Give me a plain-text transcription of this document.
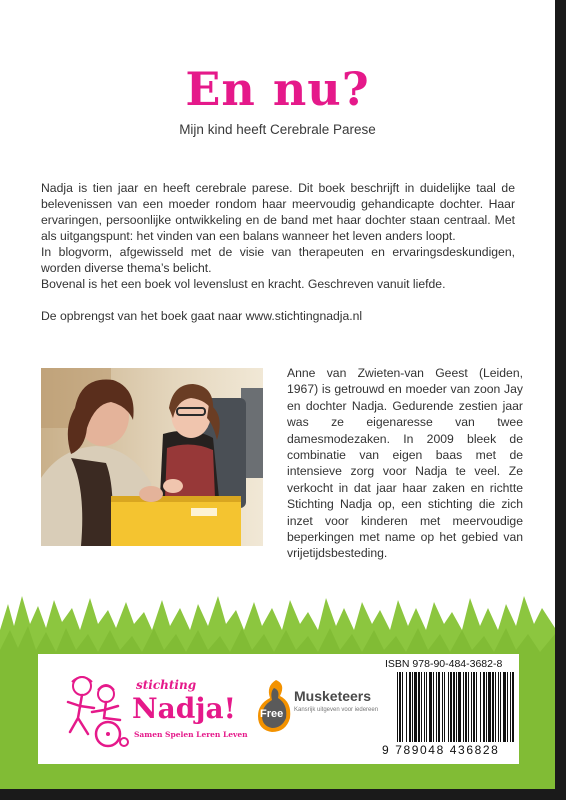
En nu?
Mijn kind heeft Cerebrale Parese

Nadja is tien jaar en heeft cerebrale parese. Dit boek beschrijft in duidelijke taal de belevenissen van een moeder rondom haar meervoudig gehandicapte dochter. Haar ervaringen, persoonlijke ontwikkeling en de band met haar dochter staan centraal. Met als uitgangspunt: het vinden van een balans wanneer het leven anders loopt.

In blogvorm, afgewisseld met de visie van therapeuten en ervaringsdeskundigen, worden diverse thema’s belicht.

Bovenal is het een boek vol levenslust en kracht. Geschreven vanuit liefde.

De opbrengst van het boek gaat naar www.stichtingnadja.nl

Anne van Zwieten-van Geest (Leiden, 1967) is getrouwd en moeder van zoon Jay en dochter Nadja. Gedurende zestien jaar was ze eigenaresse van twee damesmodezaken. In 2009 bleek de combinatie van eigen baas met de intensieve zorg voor Nadja te veel. Ze verkocht in dat jaar haar zaken en richtte Stichting Nadja op, een stichting die zich inzet voor kinderen met meervoudige beperkingen met name op het gebied van vrijetijdsbesteding.

stichting
Nadja!
Samen Spelen Leren Leven
Free
Musketeers
Kansrijk uitgeven voor iedereen
ISBN 978-90-484-3682-8
9 789048 436828
